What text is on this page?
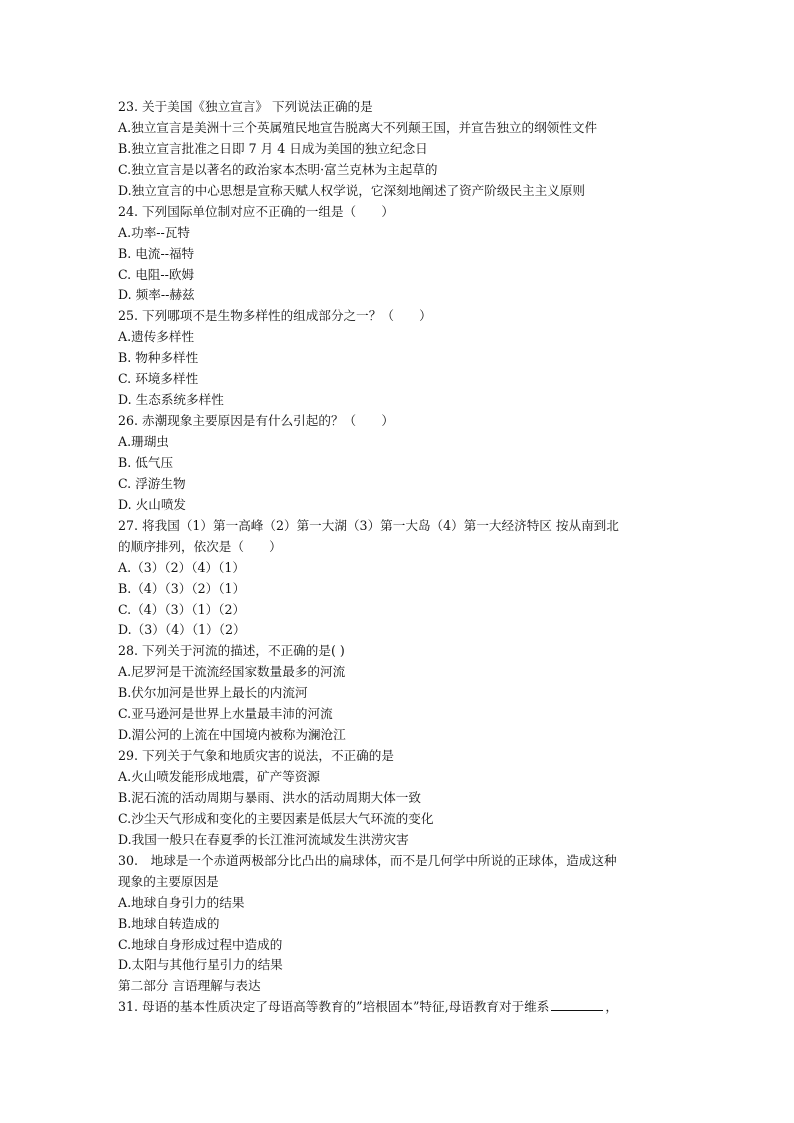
23. 关于美国《独立宣言》 下列说法正确的是
A.独立宣言是美洲十三个英属殖民地宣告脱离大不列颠王国，并宣告独立的纲领性文件
B.独立宣言批准之日即 7 月 4 日成为美国的独立纪念日
C.独立宣言是以著名的政治家本杰明·富兰克林为主起草的
D.独立宣言的中心思想是宣称天赋人权学说，它深刻地阐述了资产阶级民主主义原则
24. 下列国际单位制对应不正确的一组是（　　）
A.功率--瓦特
B. 电流--福特
C. 电阻--欧姆
D. 频率--赫兹
25. 下列哪项不是生物多样性的组成部分之一？（　　）
A.遗传多样性
B. 物种多样性
C. 环境多样性
D. 生态系统多样性
26. 赤潮现象主要原因是有什么引起的？（　　）
A.珊瑚虫
B. 低气压
C. 浮游生物
D. 火山喷发
27. 将我国（1）第一高峰（2）第一大湖（3）第一大岛（4）第一大经济特区 按从南到北
的顺序排列，依次是（　　）
A.（3）（2）（4）（1）
B.（4）（3）（2）（1）
C.（4）（3）（1）（2）
D.（3）（4）（1）（2）
28. 下列关于河流的描述，不正确的是( )
A.尼罗河是干流流经国家数量最多的河流
B.伏尔加河是世界上最长的内流河
C.亚马逊河是世界上水量最丰沛的河流
D.湄公河的上流在中国境内被称为澜沧江
29. 下列关于气象和地质灾害的说法，不正确的是
A.火山喷发能形成地震，矿产等资源
B.泥石流的活动周期与暴雨、洪水的活动周期大体一致
C.沙尘天气形成和变化的主要因素是低层大气环流的变化
D.我国一般只在春夏季的长江淮河流域发生洪涝灾害
30.　地球是一个赤道两极部分比凸出的扁球体，而不是几何学中所说的正球体，造成这种
现象的主要原因是
A.地球自身引力的结果
B.地球自转造成的
C.地球自身形成过程中造成的
D.太阳与其他行星引力的结果
第二部分 言语理解与表达
31. 母语的基本性质决定了母语高等教育的”培根固本”特征,母语教育对于维系	，
